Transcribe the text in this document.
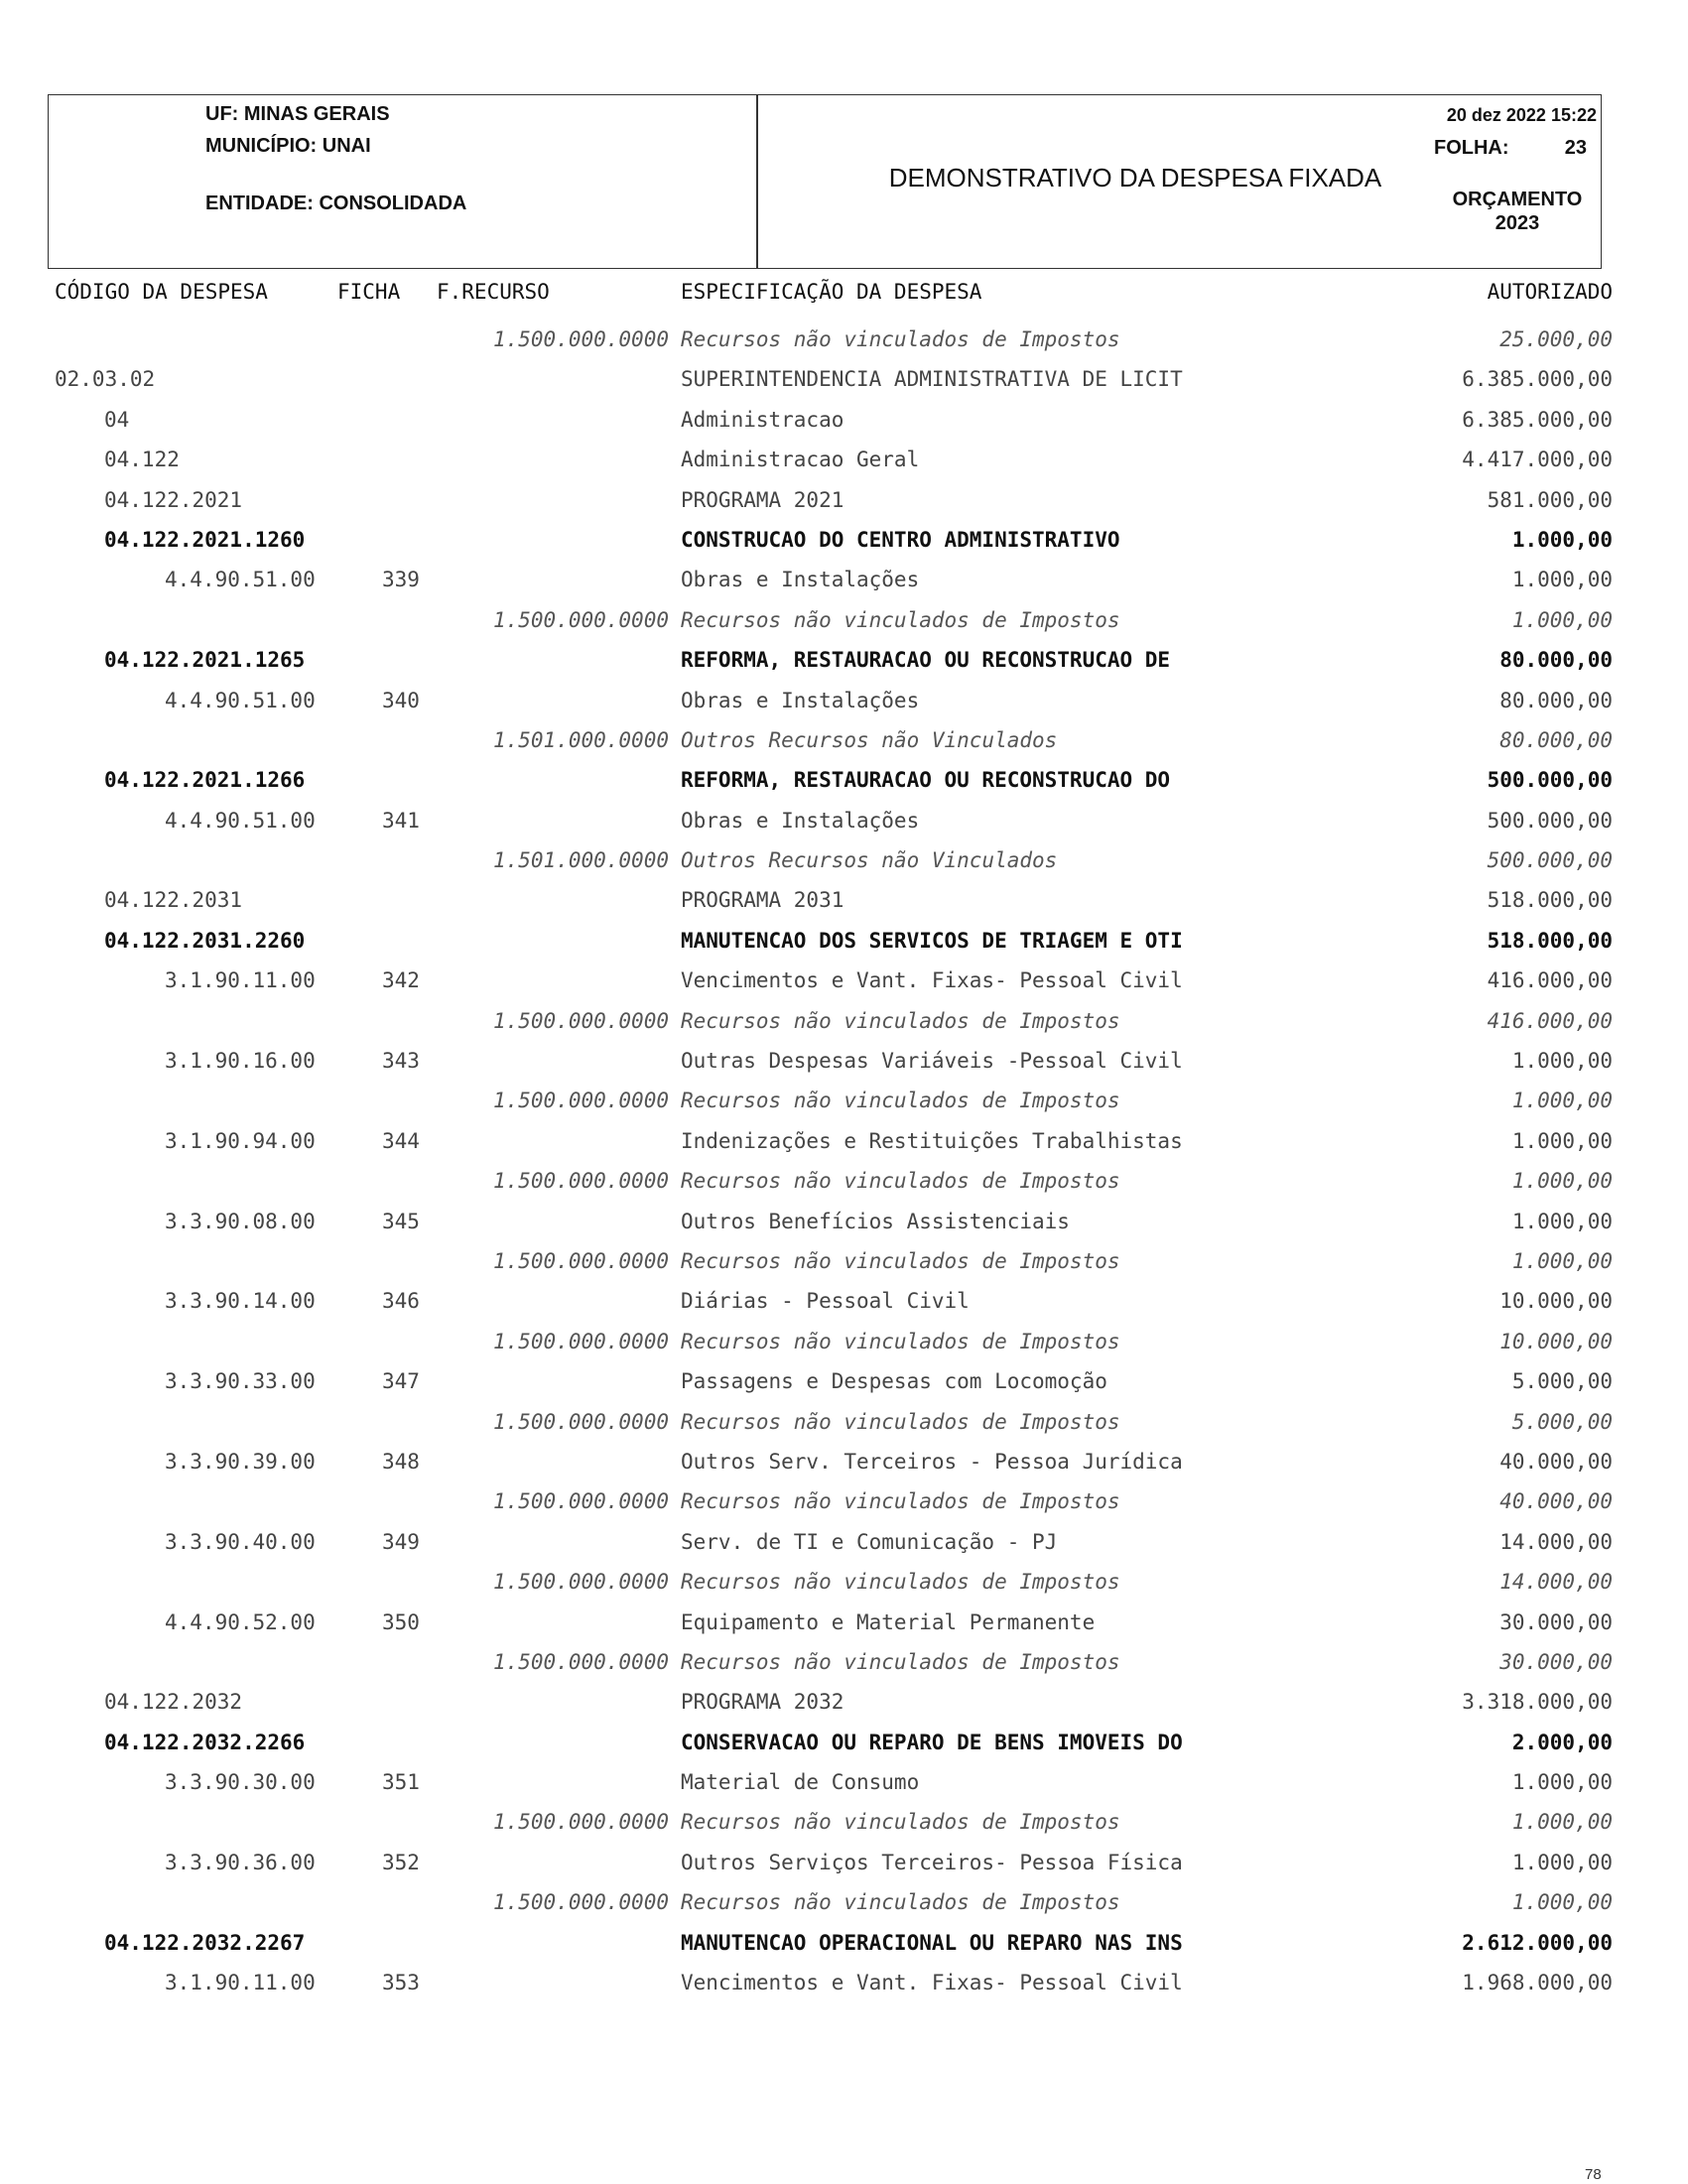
UF: MINAS GERAIS
MUNICÍPIO: UNAI
ENTIDADE: CONSOLIDADA
DEMONSTRATIVO DA DESPESA FIXADA
20 dez 2022 15:22
FOLHA:	23
ORÇAMENTO
2023
CÓDIGO DA DESPESA	FICHA F.RECURSO	ESPECIFICAÇÃO DA DESPESA	AUTORIZADO
1.500.000.0000 Recursos não vinculados de Impostos	25.000,00
02.03.02	SUPERINTENDENCIA ADMINISTRATIVA DE LICIT	6.385.000,00
04	Administracao	6.385.000,00
04.122	Administracao Geral	4.417.000,00
04.122.2021	PROGRAMA 2021	581.000,00
04.122.2021.1260	CONSTRUCAO DO CENTRO ADMINISTRATIVO	1.000,00
4.4.90.51.00	339	Obras e Instalações	1.000,00
1.500.000.0000 Recursos não vinculados de Impostos	1.000,00
04.122.2021.1265	REFORMA, RESTAURACAO OU RECONSTRUCAO DE	80.000,00
4.4.90.51.00	340	Obras e Instalações	80.000,00
1.501.000.0000 Outros Recursos não Vinculados	80.000,00
04.122.2021.1266	REFORMA, RESTAURACAO OU RECONSTRUCAO DO	500.000,00
4.4.90.51.00	341	Obras e Instalações	500.000,00
1.501.000.0000 Outros Recursos não Vinculados	500.000,00
04.122.2031	PROGRAMA 2031	518.000,00
04.122.2031.2260	MANUTENCAO DOS SERVICOS DE TRIAGEM E OTI	518.000,00
3.1.90.11.00	342	Vencimentos e Vant. Fixas- Pessoal Civil	416.000,00
1.500.000.0000 Recursos não vinculados de Impostos	416.000,00
3.1.90.16.00	343	Outras Despesas Variáveis -Pessoal Civil	1.000,00
1.500.000.0000 Recursos não vinculados de Impostos	1.000,00
3.1.90.94.00	344	Indenizações e Restituições Trabalhistas	1.000,00
1.500.000.0000 Recursos não vinculados de Impostos	1.000,00
3.3.90.08.00	345	Outros Benefícios Assistenciais	1.000,00
1.500.000.0000 Recursos não vinculados de Impostos	1.000,00
3.3.90.14.00	346	Diárias - Pessoal Civil	10.000,00
1.500.000.0000 Recursos não vinculados de Impostos	10.000,00
3.3.90.33.00	347	Passagens e Despesas com Locomoção	5.000,00
1.500.000.0000 Recursos não vinculados de Impostos	5.000,00
3.3.90.39.00	348	Outros Serv. Terceiros - Pessoa Jurídica	40.000,00
1.500.000.0000 Recursos não vinculados de Impostos	40.000,00
3.3.90.40.00	349	Serv. de TI e Comunicação - PJ	14.000,00
1.500.000.0000 Recursos não vinculados de Impostos	14.000,00
4.4.90.52.00	350	Equipamento e Material Permanente	30.000,00
1.500.000.0000 Recursos não vinculados de Impostos	30.000,00
04.122.2032	PROGRAMA 2032	3.318.000,00
04.122.2032.2266	CONSERVACAO OU REPARO DE BENS IMOVEIS DO	2.000,00
3.3.90.30.00	351	Material de Consumo	1.000,00
1.500.000.0000 Recursos não vinculados de Impostos	1.000,00
3.3.90.36.00	352	Outros Serviços Terceiros- Pessoa Física	1.000,00
1.500.000.0000 Recursos não vinculados de Impostos	1.000,00
04.122.2032.2267	MANUTENCAO OPERACIONAL OU REPARO NAS INS	2.612.000,00
3.1.90.11.00	353	Vencimentos e Vant. Fixas- Pessoal Civil	1.968.000,00
78
